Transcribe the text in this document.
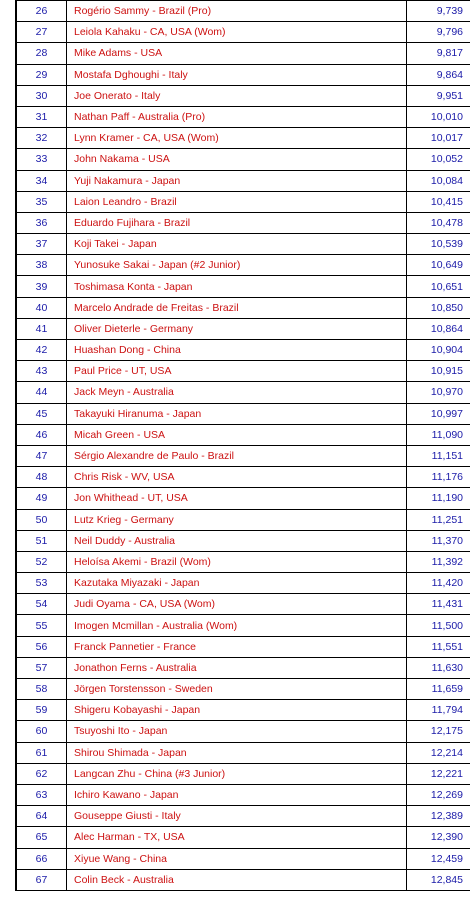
26	Rogério Sammy - Brazil (Pro)	9,739
27	Leiola Kahaku - CA, USA (Wom)	9,796
28	Mike Adams - USA	9,817
29	Mostafa Dghoughi - Italy	9,864
30	Joe Onerato - Italy	9,951
31	Nathan Paff - Australia (Pro)	10,010
32	Lynn Kramer - CA, USA (Wom)	10,017
33	John Nakama - USA	10,052
34	Yuji Nakamura - Japan	10,084
35	Laion Leandro - Brazil	10,415
36	Eduardo Fujihara - Brazil	10,478
37	Koji Takei - Japan	10,539
38	Yunosuke Sakai - Japan (#2 Junior)	10,649
39	Toshimasa Konta - Japan	10,651
40	Marcelo Andrade de Freitas - Brazil	10,850
41	Oliver Dieterle - Germany	10,864
42	Huashan Dong - China	10,904
43	Paul Price - UT, USA	10,915
44	Jack Meyn - Australia	10,970
45	Takayuki Hiranuma - Japan	10,997
46	Micah Green - USA	11,090
47	Sérgio Alexandre de Paulo - Brazil	11,151
48	Chris Risk - WV, USA	11,176
49	Jon Whithead - UT, USA	11,190
50	Lutz Krieg - Germany	11,251
51	Neil Duddy - Australia	11,370
52	Heloísa Akemi - Brazil (Wom)	11,392
53	Kazutaka Miyazaki - Japan	11,420
54	Judi Oyama - CA, USA (Wom)	11,431
55	Imogen Mcmillan - Australia (Wom)	11,500
56	Franck Pannetier - France	11,551
57	Jonathon Ferns - Australia	11,630
58	Jörgen Torstensson - Sweden	11,659
59	Shigeru Kobayashi - Japan	11,794
60	Tsuyoshi Ito - Japan	12,175
61	Shirou Shimada - Japan	12,214
62	Langcan Zhu - China (#3 Junior)	12,221
63	Ichiro Kawano - Japan	12,269
64	Gouseppe Giusti - Italy	12,389
65	Alec Harman - TX, USA	12,390
66	Xiyue Wang - China	12,459
67	Colin Beck - Australia	12,845
